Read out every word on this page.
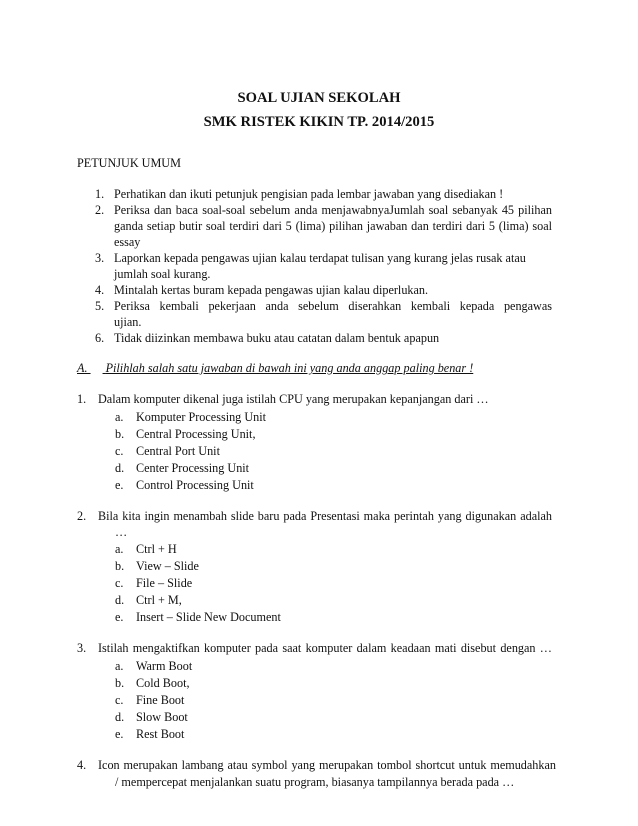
SOAL UJIAN SEKOLAH
SMK RISTEK KIKIN TP. 2014/2015
PETUNJUK UMUM
1. Perhatikan dan ikuti petunjuk pengisian pada lembar jawaban yang disediakan !
2. Periksa dan baca soal-soal sebelum anda menjawabnyaJumlah soal sebanyak 45 pilihan
ganda setiap butir soal terdiri dari 5 (lima) pilihan jawaban dan terdiri dari 5 (lima) soal
essay
3. Laporkan kepada pengawas ujian kalau terdapat tulisan yang kurang jelas rusak atau
jumlah soal kurang.
4. Mintalah kertas buram kepada pengawas ujian kalau diperlukan.
5. Periksa kembali pekerjaan anda sebelum diserahkan kembali kepada pengawas
ujian.
6. Tidak diizinkan membawa buku atau catatan dalam bentuk apapun
A. Pilihlah salah satu jawaban di bawah ini yang anda anggap paling benar !
1. Dalam komputer dikenal juga istilah CPU yang merupakan kepanjangan dari …
a. Komputer Processing Unit
b. Central Processing Unit,
c. Central Port Unit
d. Center Processing Unit
e. Control Processing Unit
2. Bila kita ingin menambah slide baru pada Presentasi maka perintah yang digunakan adalah
…
a. Ctrl + H
b. View – Slide
c. File – Slide
d. Ctrl + M,
e. Insert – Slide New Document
3. Istilah mengaktifkan komputer pada saat komputer dalam keadaan mati disebut dengan …
a. Warm Boot
b. Cold Boot,
c. Fine Boot
d. Slow Boot
e. Rest Boot
4. Icon merupakan lambang atau symbol yang merupakan tombol shortcut untuk memudahkan
/ mempercepat menjalankan suatu program, biasanya tampilannya berada pada …
